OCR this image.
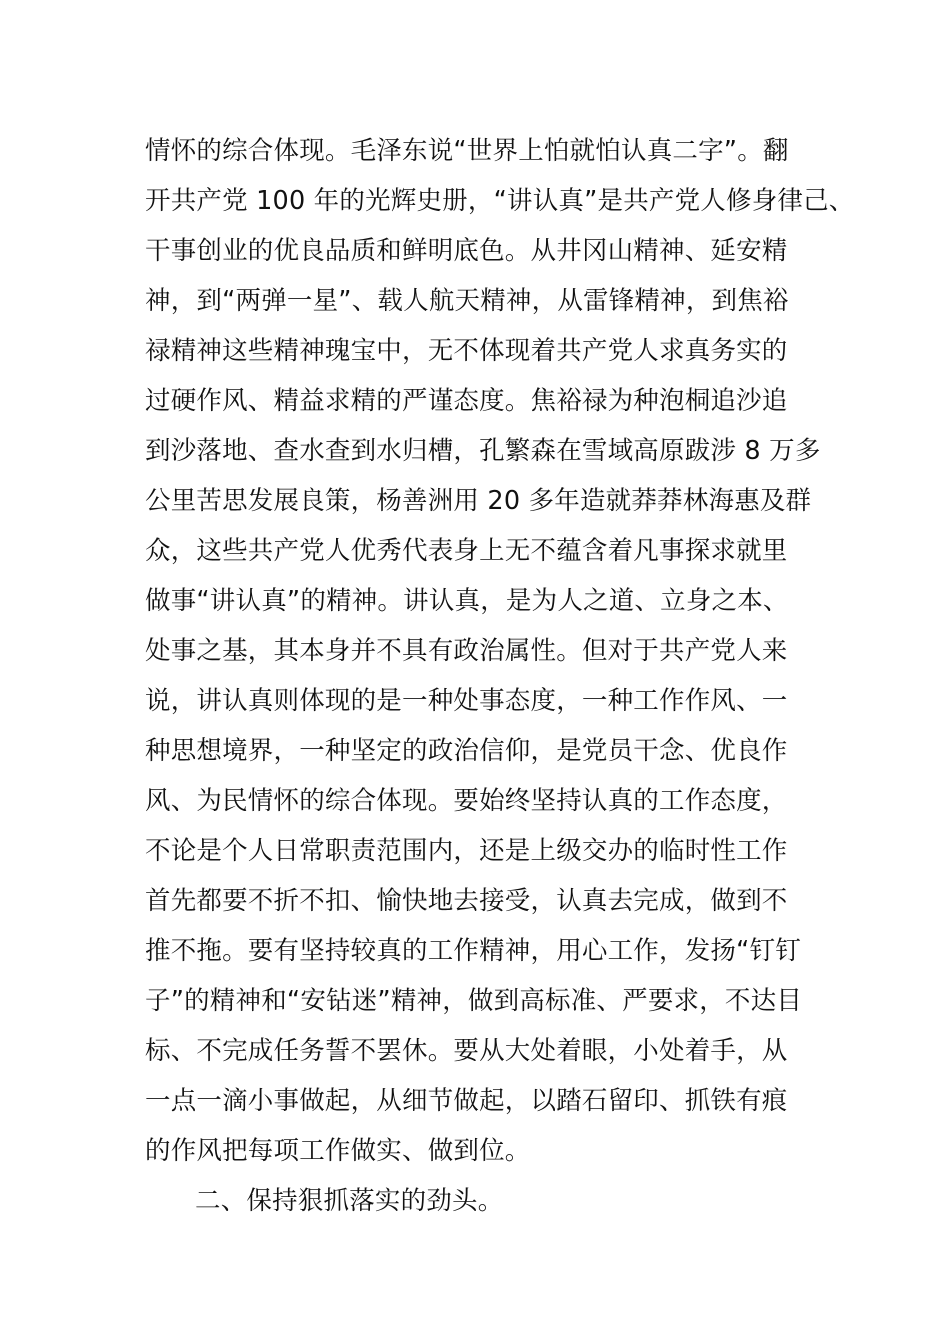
情怀的综合体现。毛泽东说“世界上怕就怕认真二字”。翻
开共产党 100 年的光辉史册，“讲认真”是共产党人修身律己、
干事创业的优良品质和鲜明底色。从井冈山精神、延安精
神，到“两弹一星”、载人航天精神，从雷锋精神，到焦裕
禄精神这些精神瑰宝中，无不体现着共产党人求真务实的
过硬作风、精益求精的严谨态度。焦裕禄为种泡桐追沙追
到沙落地、查水查到水归槽，孔繁森在雪域高原跋涉 8 万多
公里苦思发展良策，杨善洲用 20 多年造就莽莽林海惠及群
众，这些共产党人优秀代表身上无不蕴含着凡事探求就里
做事“讲认真”的精神。讲认真，是为人之道、立身之本、
处事之基，其本身并不具有政治属性。但对于共产党人来
说，讲认真则体现的是一种处事态度，一种工作作风、一
种思想境界，一种坚定的政治信仰，是党员干念、优良作
风、为民情怀的综合体现。要始终坚持认真的工作态度，
不论是个人日常职责范围内，还是上级交办的临时性工作
首先都要不折不扣、愉快地去接受，认真去完成，做到不
推不拖。要有坚持较真的工作精神，用心工作，发扬“钉钉
子”的精神和“安钻迷”精神，做到高标准、严要求，不达目
标、不完成任务誓不罢休。要从大处着眼，小处着手，从
一点一滴小事做起，从细节做起，以踏石留印、抓铁有痕
的作风把每项工作做实、做到位。
二、保持狠抓落实的劲头。
